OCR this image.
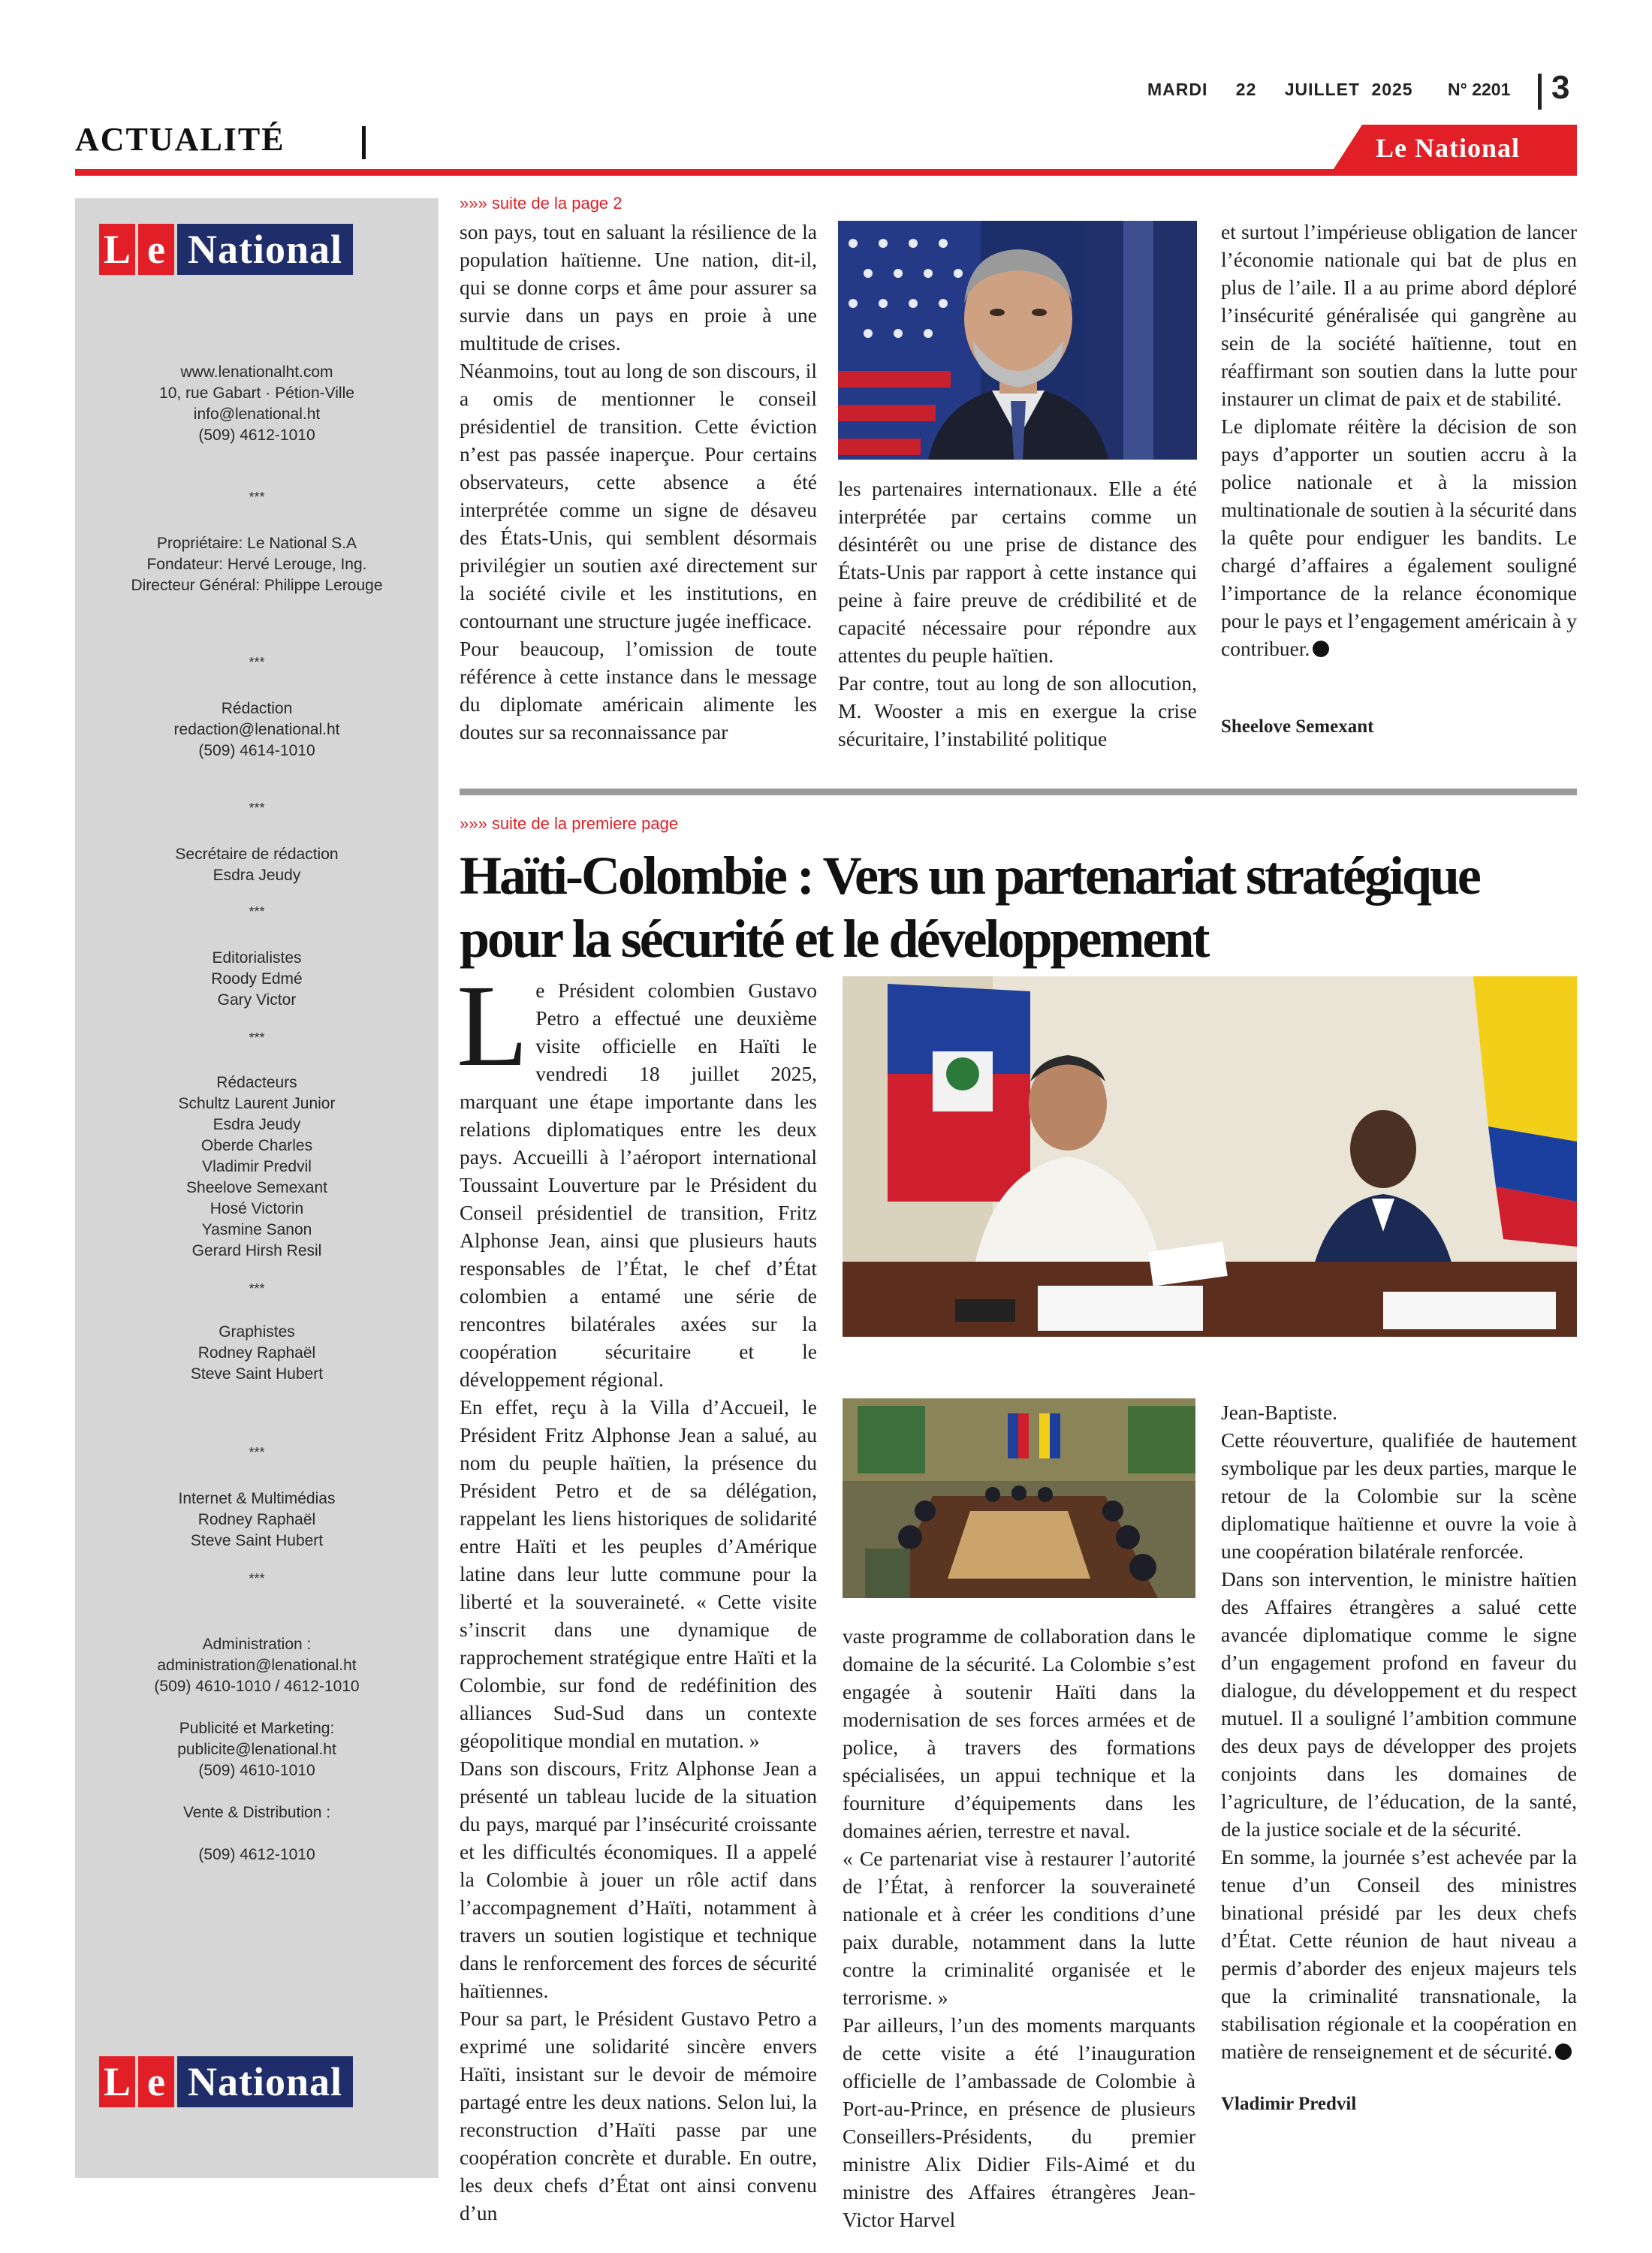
MARDI 22 JUILLET 2025	N° 2201 3
ACTUALITÉ	Le National
L e National
www.lenationalht.com
10, rue Gabart · Pétion-Ville
info@lenational.ht
(509) 4612-1010
***
Propriétaire: Le National S.A
Fondateur: Hervé Lerouge, Ing.
Directeur Général: Philippe Lerouge
***
Rédaction
redaction@lenational.ht
(509) 4614-1010
***
Secrétaire de rédaction
Esdra Jeudy
***
Editorialistes
Roody Edmé
Gary Victor
***
Rédacteurs
Schultz Laurent Junior
Esdra Jeudy
Oberde Charles
Vladimir Predvil
Sheelove Semexant
Hosé Victorin
Yasmine Sanon
Gerard Hirsh Resil
***
Graphistes
Rodney Raphaël
Steve Saint Hubert
***
Internet & Multimédias
Rodney Raphaël
Steve Saint Hubert
***
Administration :
administration@lenational.ht
(509) 4610-1010 / 4612-1010
Publicité et Marketing:
publicite@lenational.ht
(509) 4610-1010
Vente & Distribution :
(509) 4612-1010
L e National
»»» suite de la page 2

son pays, tout en saluant la résilience de la population haïtienne. Une nation, dit-il, qui se donne corps et âme pour assurer sa survie dans un pays en proie à une multitude de crises.

Néanmoins, tout au long de son discours, il a omis de mentionner le conseil présidentiel de transition. Cette éviction n’est pas passée inaperçue. Pour certains observateurs, cette absence a été interprétée comme un signe de désaveu des États-Unis, qui semblent désormais privilégier un soutien axé directement sur la société civile et les institutions, en contournant une structure jugée inefficace.

Pour beaucoup, l’omission de toute référence à cette instance dans le message du diplomate américain alimente les doutes sur sa reconnaissance par

les partenaires internationaux. Elle a été interprétée par certains comme un désintérêt ou une prise de distance des États-Unis par rapport à cette instance qui peine à faire preuve de crédibilité et de capacité nécessaire pour répondre aux attentes du peuple haïtien.

Par contre, tout au long de son allocution, M. Wooster a mis en exergue la crise sécuritaire, l’instabilité politique

et surtout l’impérieuse obligation de lancer l’économie nationale qui bat de plus en plus de l’aile. Il a au prime abord déploré l’insécurité généralisée qui gangrène au sein de la société haïtienne, tout en réaffirmant son soutien dans la lutte pour instaurer un climat de paix et de stabilité.

Le diplomate réitère la décision de son pays d’apporter un soutien accru à la police nationale et à la mission multinationale de soutien à la sécurité dans la quête pour endiguer les bandits. Le chargé d’affaires a également souligné l’importance de la relance économique pour le pays et l’engagement américain à y contribuer.

Sheelove Semexant
»»» suite de la premiere page
Haïti-Colombie : Vers un partenariat stratégique pour la sécurité et le développement

Le Président colombien Gustavo Petro a effectué une deuxième visite officielle en Haïti le vendredi 18 juillet 2025, marquant une étape importante dans les relations diplomatiques entre les deux pays. Accueilli à l’aéroport international Toussaint Louverture par le Président du Conseil présidentiel de transition, Fritz Alphonse Jean, ainsi que plusieurs hauts responsables de l’État, le chef d’État colombien a entamé une série de rencontres bilatérales axées sur la coopération sécuritaire et le développement régional.

En effet, reçu à la Villa d’Accueil, le Président Fritz Alphonse Jean a salué, au nom du peuple haïtien, la présence du Président Petro et de sa délégation, rappelant les liens historiques de solidarité entre Haïti et les peuples d’Amérique latine dans leur lutte commune pour la liberté et la souveraineté. « Cette visite s’inscrit dans une dynamique de rapprochement stratégique entre Haïti et la Colombie, sur fond de redéfinition des alliances Sud-Sud dans un contexte géopolitique mondial en mutation. »

Dans son discours, Fritz Alphonse Jean a présenté un tableau lucide de la situation du pays, marqué par l’insécurité croissante et les difficultés économiques. Il a appelé la Colombie à jouer un rôle actif dans l’accompagnement d’Haïti, notamment à travers un soutien logistique et technique dans le renforcement des forces de sécurité haïtiennes.

Pour sa part, le Président Gustavo Petro a exprimé une solidarité sincère envers Haïti, insistant sur le devoir de mémoire partagé entre les deux nations. Selon lui, la reconstruction d’Haïti passe par une coopération concrète et durable. En outre, les deux chefs d’État ont ainsi convenu d’un

vaste programme de collaboration dans le domaine de la sécurité. La Colombie s’est engagée à soutenir Haïti dans la modernisation de ses forces armées et de police, à travers des formations spécialisées, un appui technique et la fourniture d’équipements dans les domaines aérien, terrestre et naval.

« Ce partenariat vise à restaurer l’autorité de l’État, à renforcer la souveraineté nationale et à créer les conditions d’une paix durable, notamment dans la lutte contre la criminalité organisée et le terrorisme. »

Par ailleurs, l’un des moments marquants de cette visite a été l’inauguration officielle de l’ambassade de Colombie à Port-au-Prince, en présence de plusieurs Conseillers-Présidents, du premier ministre Alix Didier Fils-Aimé et du ministre des Affaires étrangères Jean-Victor Harvel

Jean-Baptiste.

Cette réouverture, qualifiée de hautement symbolique par les deux parties, marque le retour de la Colombie sur la scène diplomatique haïtienne et ouvre la voie à une coopération bilatérale renforcée.

Dans son intervention, le ministre haïtien des Affaires étrangères a salué cette avancée diplomatique comme le signe d’un engagement profond en faveur du dialogue, du développement et du respect mutuel. Il a souligné l’ambition commune des deux pays de développer des projets conjoints dans les domaines de l’agriculture, de l’éducation, de la santé, de la justice sociale et de la sécurité.

En somme, la journée s’est achevée par la tenue d’un Conseil des ministres binational présidé par les deux chefs d’État. Cette réunion de haut niveau a permis d’aborder des enjeux majeurs tels que la criminalité transnationale, la stabilisation régionale et la coopération en matière de renseignement et de sécurité.

Vladimir Predvil
